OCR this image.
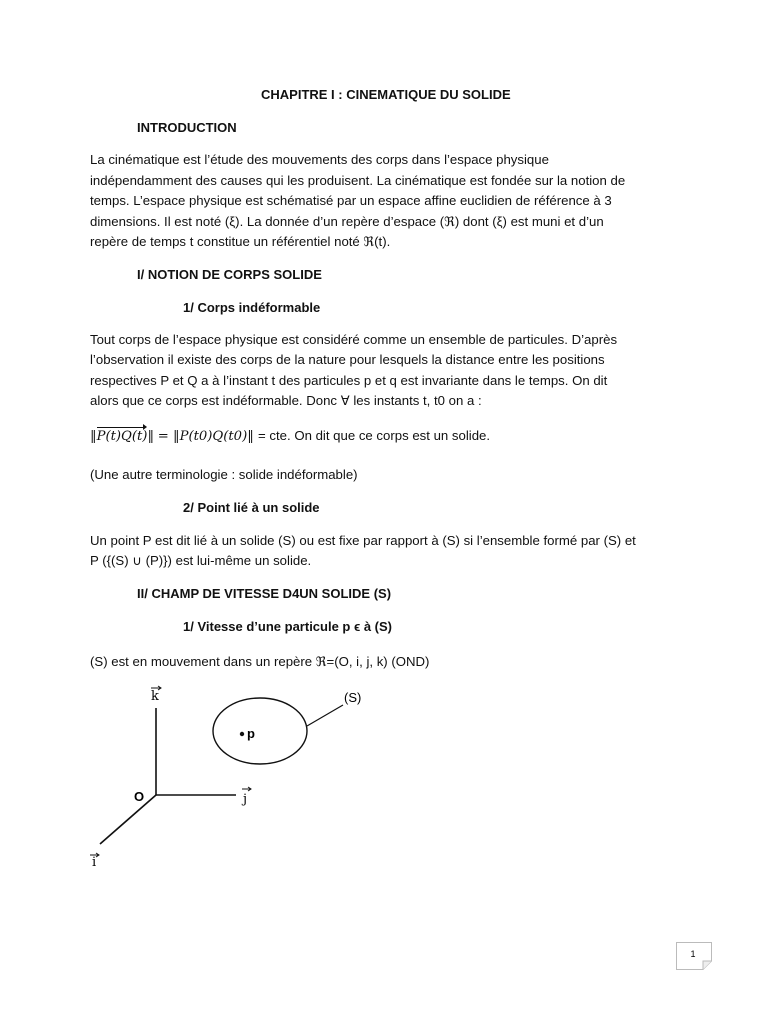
CHAPITRE I : CINEMATIQUE DU SOLIDE
INTRODUCTION
La cinématique est l’étude des mouvements des corps dans l’espace physique
indépendamment des causes qui les produisent. La cinématique est fondée sur la notion de
temps. L’espace physique est schématisé par un espace affine euclidien de référence à 3
dimensions. Il est noté (ξ). La donnée d’un repère d’espace (ℜ) dont (ξ) est muni et d’un
repère de temps t constitue un référentiel noté ℜ(t).
I/ NOTION DE CORPS SOLIDE
1/ Corps indéformable
Tout corps de l’espace physique est considéré comme un ensemble de particules. D’après
l’observation il existe des corps de la nature pour lesquels la distance entre les positions
respectives P et Q a à l’instant t des particules p et q est invariante dans le temps. On dit
alors que ce corps est indéformable. Donc ∀ les instants t, t0 on a :
‖P(t)Q(t)‖ = ‖P(t0)Q(t0)‖ = cte. On dit que ce corps est un solide.
(Une autre terminologie : solide indéformable)
2/ Point lié à un solide
Un point P est dit lié à un solide (S) ou est fixe par rapport à (S) si l’ensemble formé par (S) et
P ({(S) ∪ (P)}) est lui-même un solide.
II/ CHAMP DE VITESSE D4UN SOLIDE (S)
1/ Vitesse d’une particule p ϵ à (S)
(S) est en mouvement dans un repère ℜ=(O, i, j, k) (OND)
k
j
i
O
(S)
p
1
